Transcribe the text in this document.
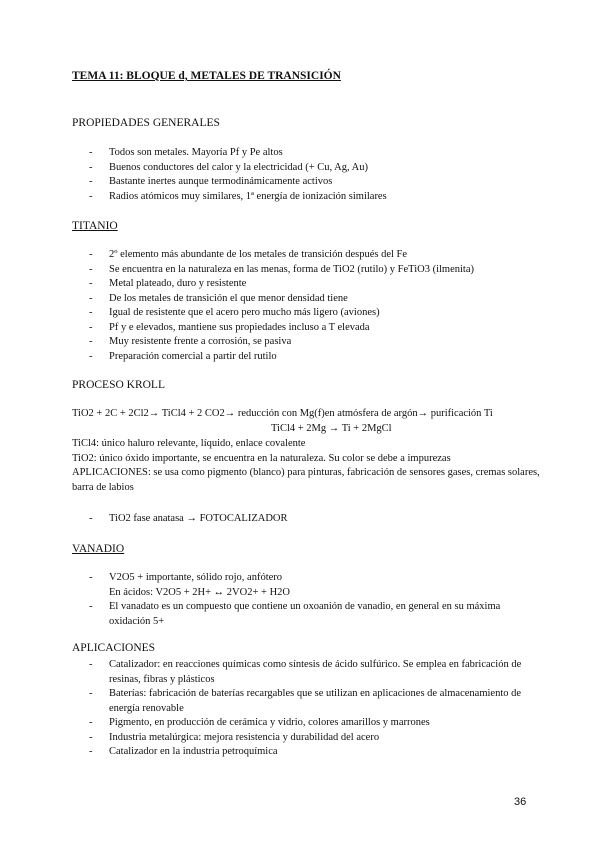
TEMA 11: BLOQUE d, METALES DE TRANSICIÓN
PROPIEDADES GENERALES
- Todos son metales. Mayoría Pf y Pe altos
- Buenos conductores del calor y la electricidad (+ Cu, Ag, Au)
- Bastante inertes aunque termodinámicamente activos
- Radios atómicos muy similares, 1ª energía de ionización similares
TITANIO
- 2º elemento más abundante de los metales de transición después del Fe
- Se encuentra en la naturaleza en las menas, forma de TiO2 (rutilo) y FeTiO3 (ilmenita)
- Metal plateado, duro y resistente
- De los metales de transición el que menor densidad tiene
- Igual de resistente que el acero pero mucho más ligero (aviones)
- Pf y e elevados, mantiene sus propiedades incluso a T elevada
- Muy resistente frente a corrosión, se pasiva
- Preparación comercial a partir del rutilo
PROCESO KROLL
TiO2 + 2C + 2Cl2→ TiCl4 + 2 CO2→ reducción con Mg(f)en atmósfera de argón→ purificación Ti
TiCl4 + 2Mg → Ti + 2MgCl
TiCl4: único haluro relevante, líquido, enlace covalente
TiO2: único óxido importante, se encuentra en la naturaleza. Su color se debe a impurezas
APLICACIONES: se usa como pigmento (blanco) para pinturas, fabricación de sensores gases, cremas solares, barra de labios
- TiO2 fase anatasa → FOTOCALIZADOR
VANADIO
- V2O5 + importante, sólido rojo, anfótero
En ácidos: V2O5 + 2H+ ↔ 2VO2+ + H2O
- El vanadato es un compuesto que contiene un oxoanión de vanadio, en general en su máxima oxidación 5+
APLICACIONES
- Catalizador: en reacciones químicas como síntesis de ácido sulfúrico. Se emplea en fabricación de resinas, fibras y plásticos
- Baterías: fabricación de baterías recargables que se utilizan en aplicaciones de almacenamiento de energía renovable
- Pigmento, en producción de cerámica y vidrio, colores amarillos y marrones
- Industria metalúrgica: mejora resistencia y durabilidad del acero
- Catalizador en la industria petroquímica
36
